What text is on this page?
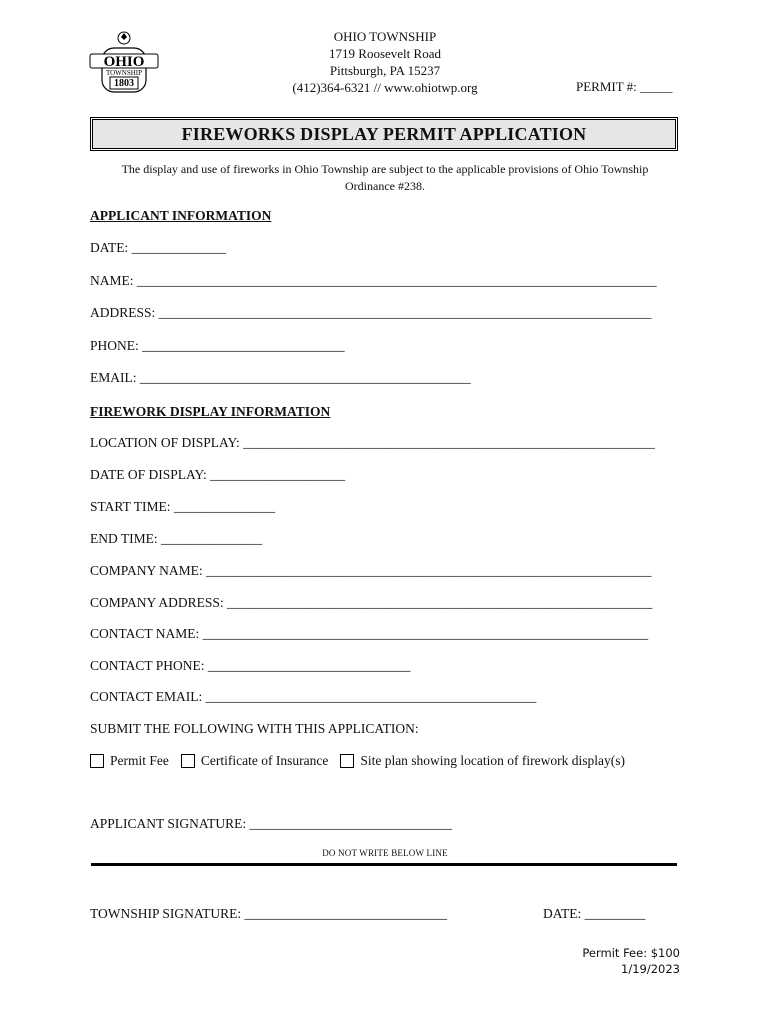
OHIO
TOWNSHIP
1803
OHIO TOWNSHIP
1719 Roosevelt Road
Pittsburgh, PA 15237
(412)364-6321 // www.ohiotwp.org	PERMIT #: _____
FIREWORKS DISPLAY PERMIT APPLICATION
The display and use of fireworks in Ohio Township are subject to the applicable provisions of Ohio Township Ordinance #238.
APPLICANT INFORMATION
DATE: ______________
NAME: _____________________________________________________________________________
ADDRESS: _________________________________________________________________________
PHONE: ______________________________
EMAIL: _________________________________________________
FIREWORK DISPLAY INFORMATION
LOCATION OF DISPLAY: _____________________________________________________________
DATE OF DISPLAY: ____________________
START TIME: _______________
END TIME: _______________
COMPANY NAME: __________________________________________________________________
COMPANY ADDRESS: _______________________________________________________________
CONTACT NAME: __________________________________________________________________
CONTACT PHONE: ______________________________
CONTACT EMAIL: _________________________________________________
SUBMIT THE FOLLOWING WITH THIS APPLICATION:
Permit Fee Certificate of Insurance Site plan showing location of firework display(s)
APPLICANT SIGNATURE: ______________________________
DO NOT WRITE BELOW LINE
TOWNSHIP SIGNATURE: ______________________________	DATE: _________
Permit Fee: $100
1/19/2023
